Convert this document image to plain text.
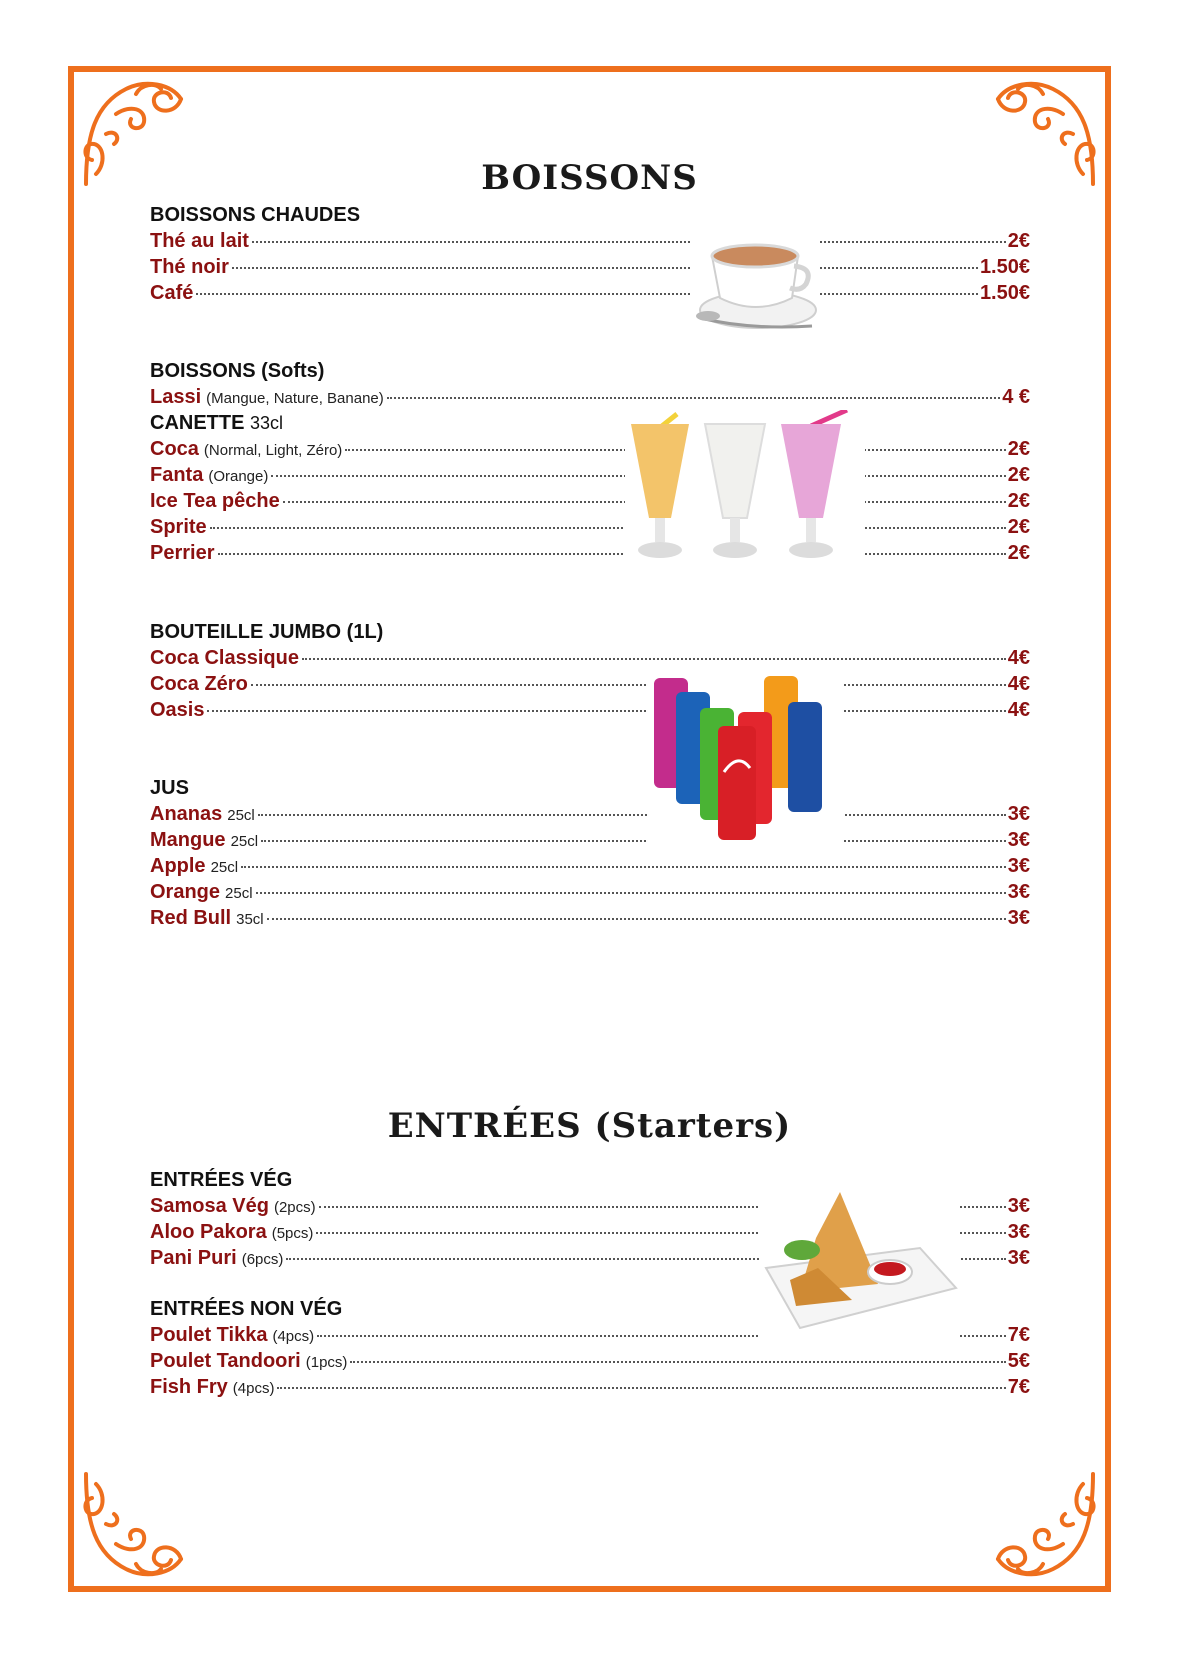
BOISSONS
BOISSONS CHAUDES
Thé au lait	2€
Thé noir	1.50€
Café	1.50€
BOISSONS (Softs)
Lassi (Mangue, Nature, Banane)	4 €
CANETTE 33cl
Coca (Normal, Light, Zéro)	2€
Fanta (Orange)	2€
Ice Tea pêche	2€
Sprite	2€
Perrier	2€
BOUTEILLE JUMBO (1L)
Coca Classique	4€
Coca Zéro	4€
Oasis	4€
JUS
Ananas 25cl	3€
Mangue 25cl	3€
Apple 25cl	3€
Orange 25cl	3€
Red Bull 35cl	3€
ENTRÉES (Starters)
ENTRÉES VÉG
Samosa Vég (2pcs)	3€
Aloo Pakora (5pcs)	3€
Pani Puri (6pcs)	3€
ENTRÉES NON VÉG
Poulet Tikka (4pcs)	7€
Poulet Tandoori (1pcs)	5€
Fish Fry (4pcs)	7€
